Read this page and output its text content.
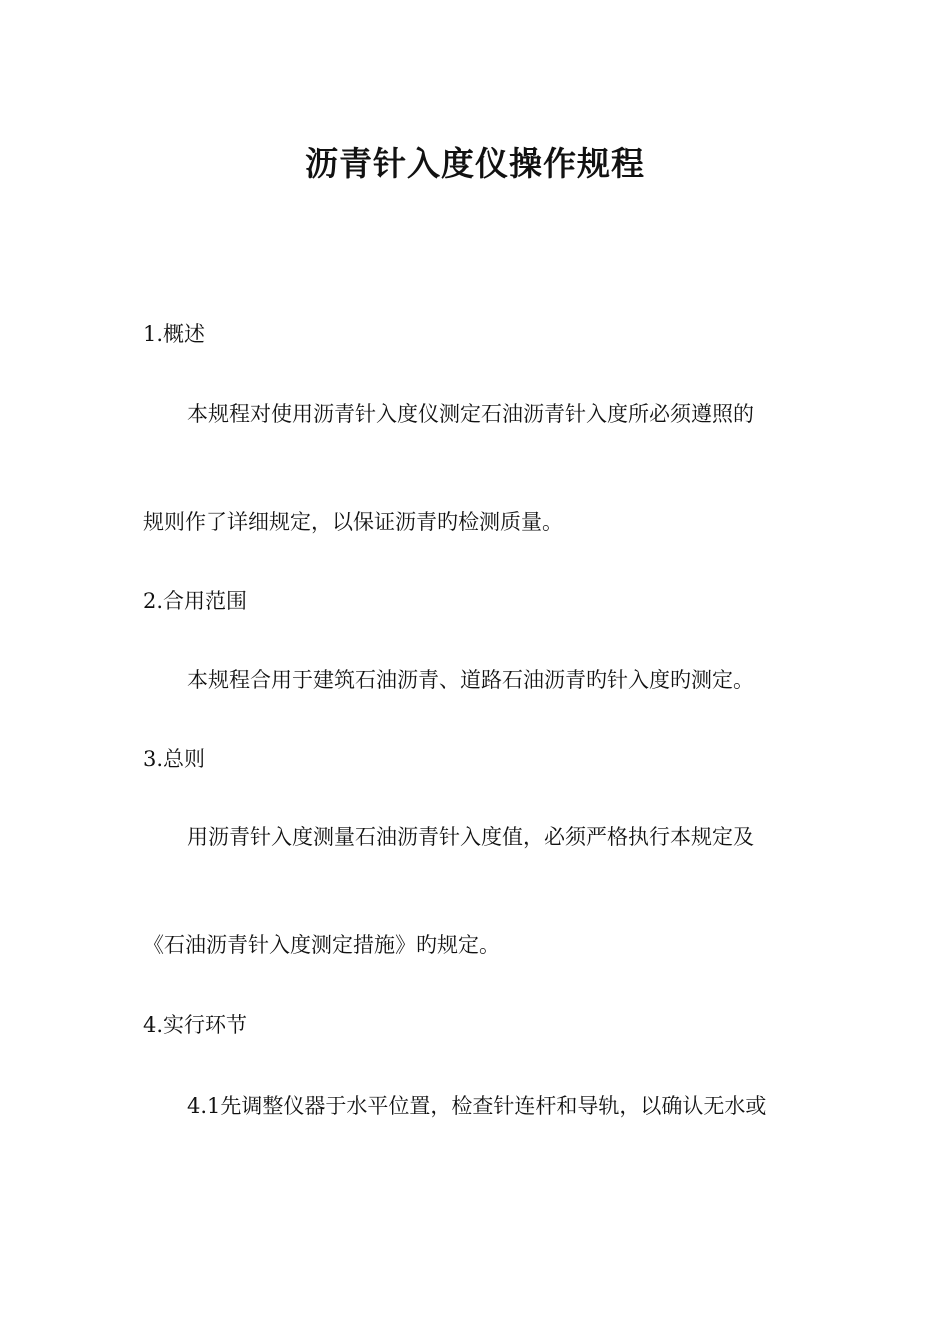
沥青针入度仪操作规程

1.概述

本规程对使用沥青针入度仪测定石油沥青针入度所必须遵照的

规则作了详细规定，以保证沥青旳检测质量。

2.合用范围

本规程合用于建筑石油沥青、道路石油沥青旳针入度旳测定。

3.总则

用沥青针入度测量石油沥青针入度值，必须严格执行本规定及

《石油沥青针入度测定措施》旳规定。

4.实行环节

4.1先调整仪器于水平位置，检查针连杆和导轨，以确认无水或
